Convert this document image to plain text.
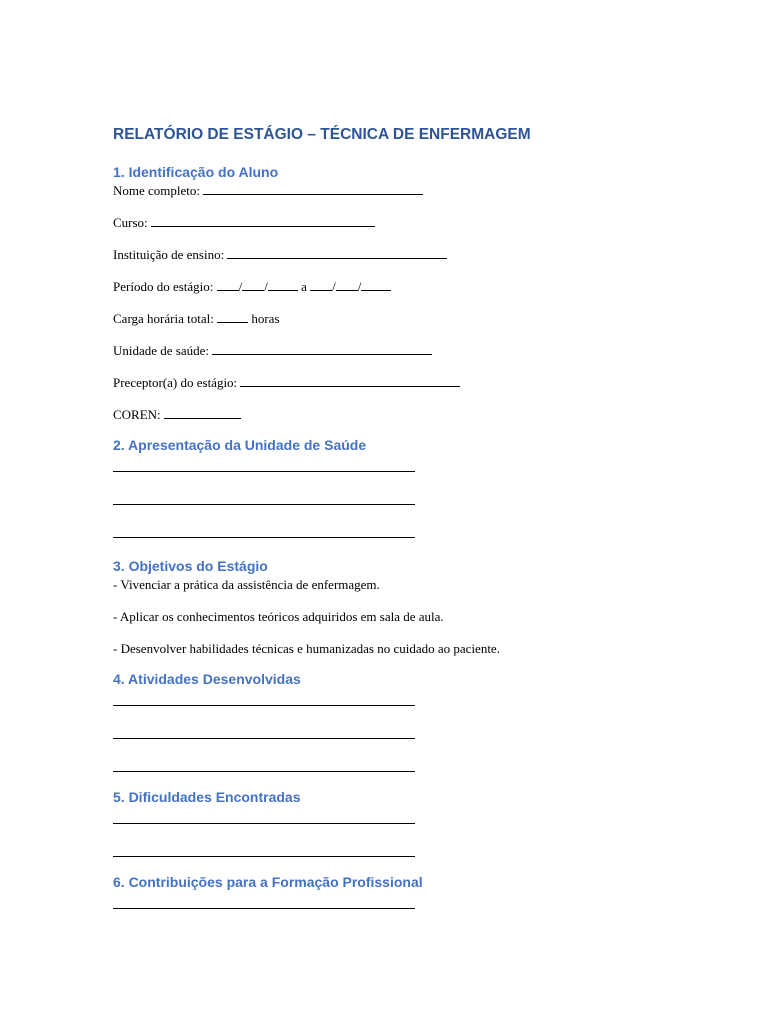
RELATÓRIO DE ESTÁGIO – TÉCNICA DE ENFERMAGEM
1. Identificação do Aluno
Nome completo:
Curso:
Instituição de ensino:
Período do estágio: / / a / /
Carga horária total:  horas
Unidade de saúde:
Preceptor(a) do estágio:
COREN:
2. Apresentação da Unidade de Saúde
3. Objetivos do Estágio
- Vivenciar a prática da assistência de enfermagem.
- Aplicar os conhecimentos teóricos adquiridos em sala de aula.
- Desenvolver habilidades técnicas e humanizadas no cuidado ao paciente.
4. Atividades Desenvolvidas
5. Dificuldades Encontradas
6. Contribuições para a Formação Profissional
